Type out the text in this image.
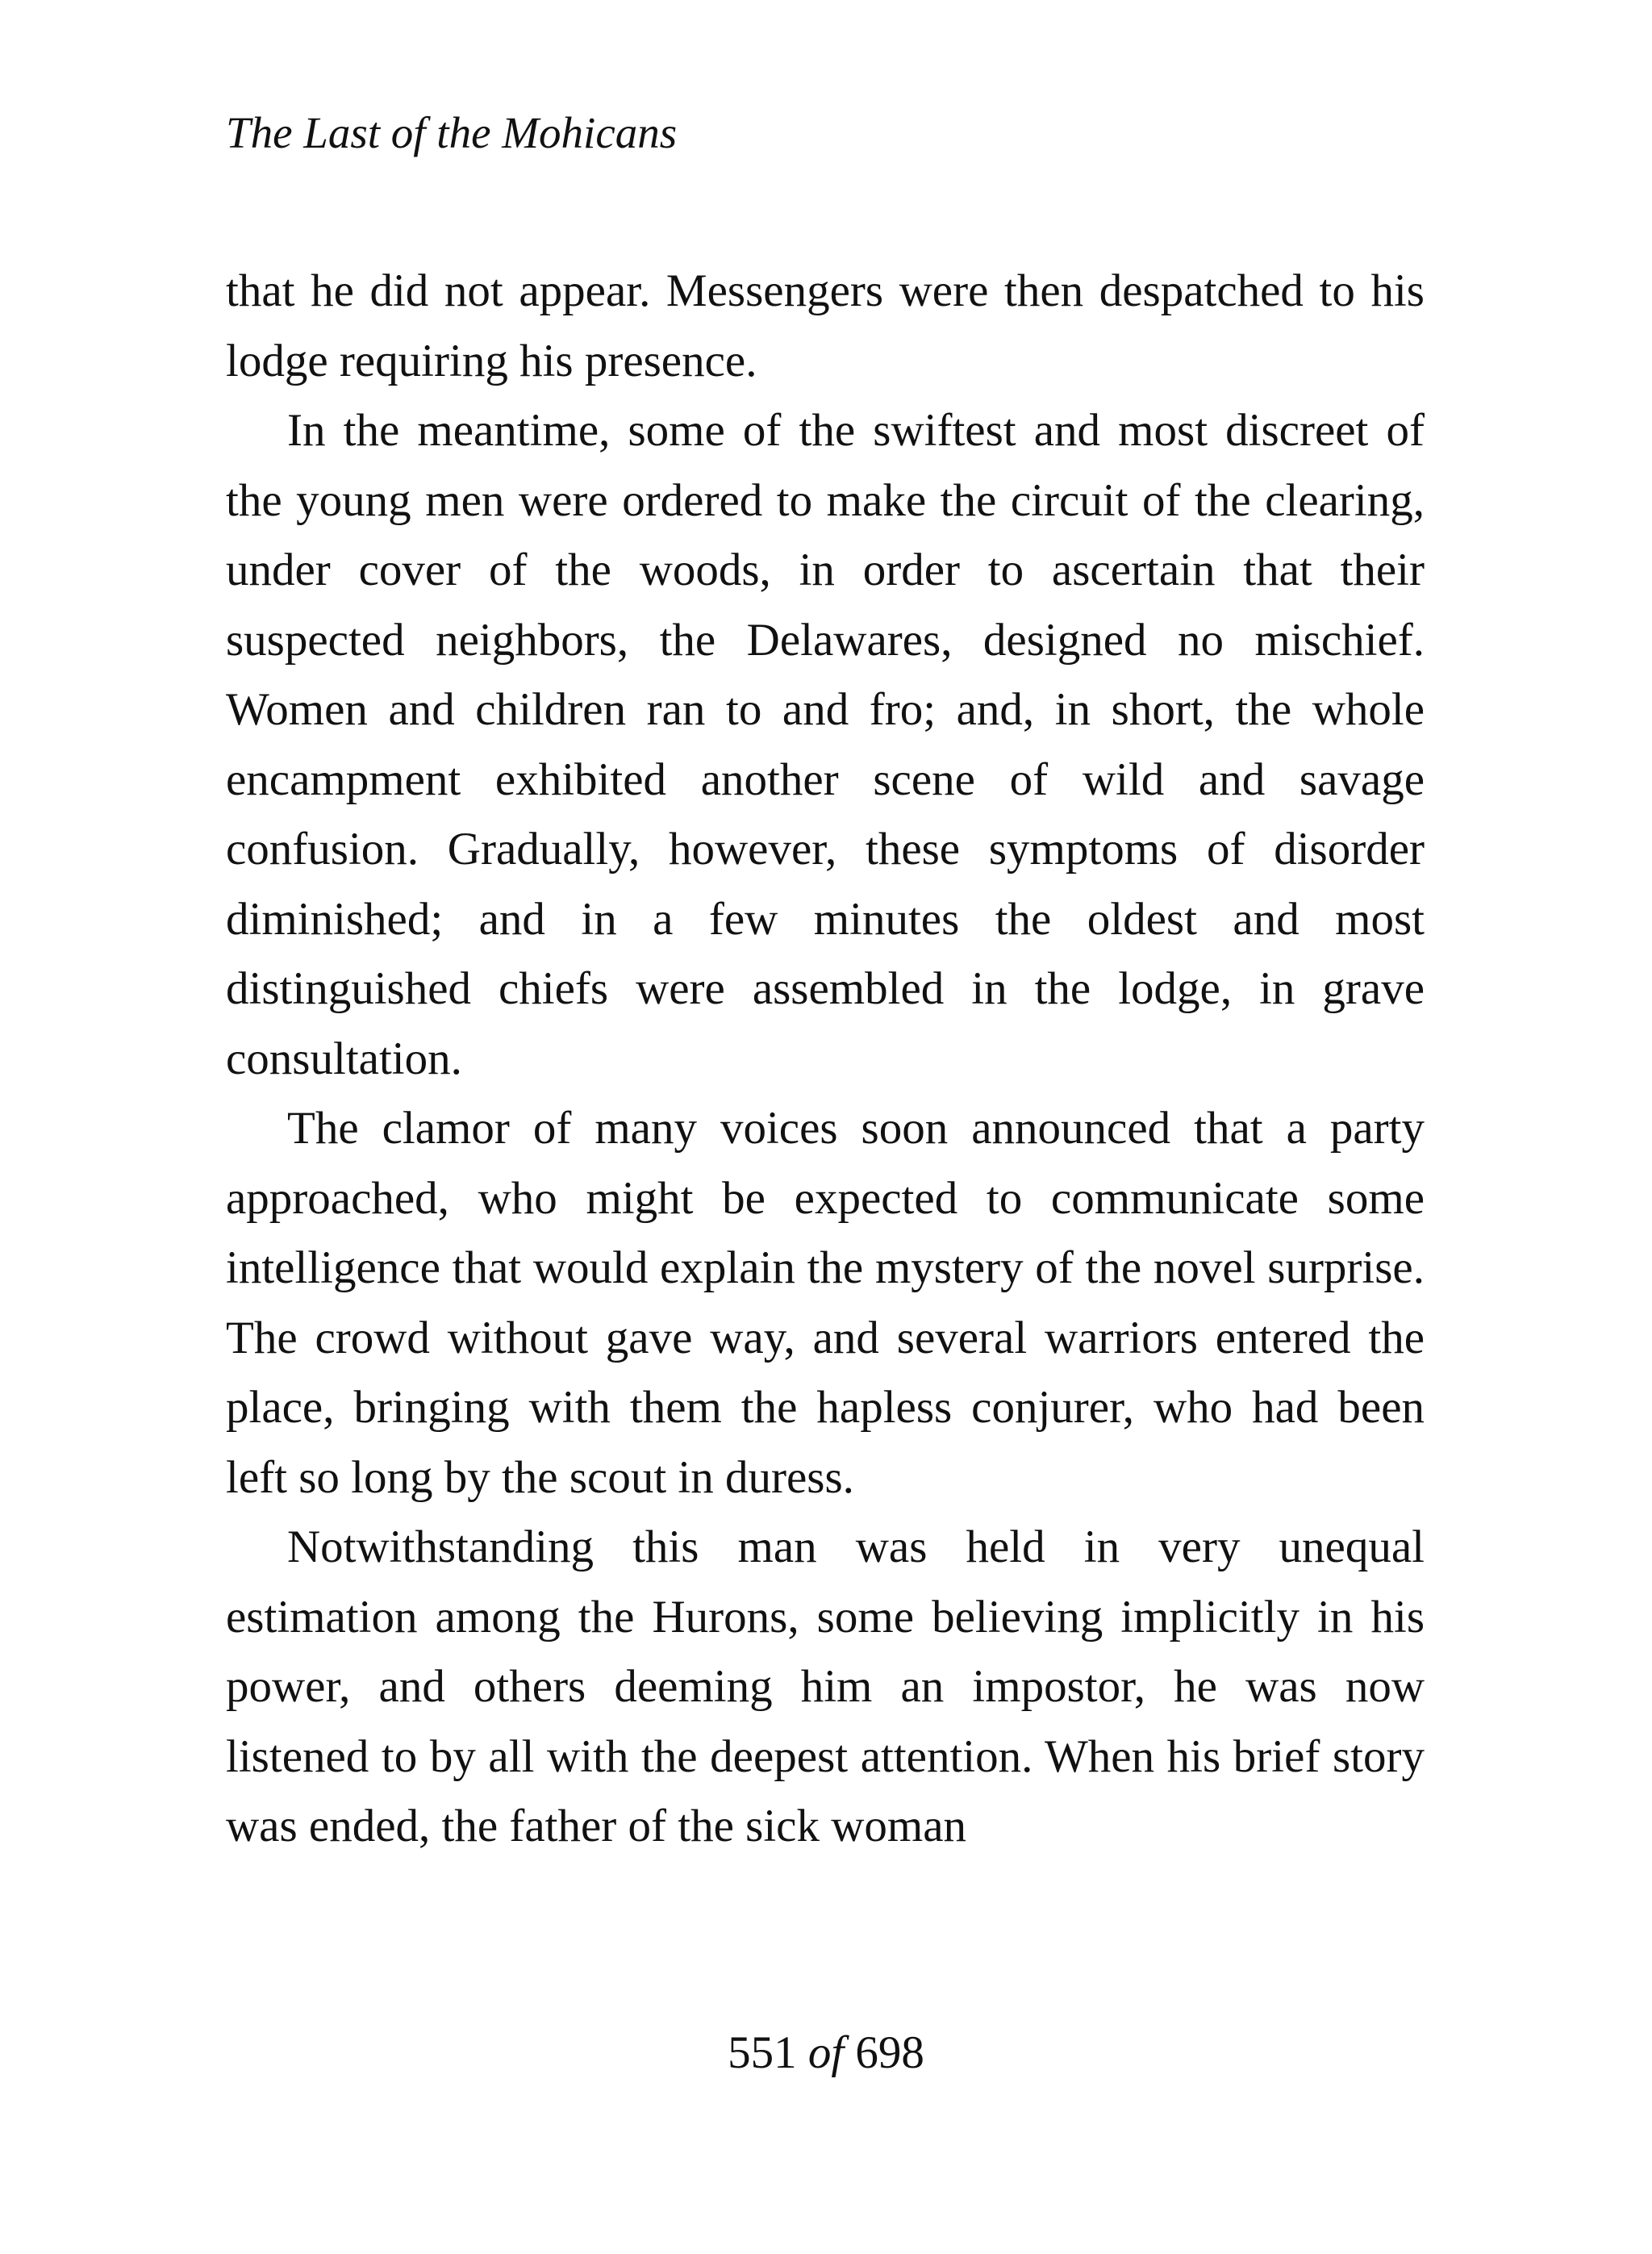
The Last of the Mohicans

that he did not appear. Messengers were then despatched to his lodge requiring his presence.

In the meantime, some of the swiftest and most discreet of the young men were ordered to make the circuit of the clearing, under cover of the woods, in order to ascertain that their suspected neighbors, the Delawares, designed no mischief. Women and children ran to and fro; and, in short, the whole encampment exhibited another scene of wild and savage confusion. Gradually, however, these symptoms of disorder diminished; and in a few minutes the oldest and most distinguished chiefs were assembled in the lodge, in grave consultation.

The clamor of many voices soon announced that a party approached, who might be expected to communicate some intelligence that would explain the mystery of the novel surprise. The crowd without gave way, and several warriors entered the place, bringing with them the hapless conjurer, who had been left so long by the scout in duress.

Notwithstanding this man was held in very unequal estimation among the Hurons, some believing implicitly in his power, and others deeming him an impostor, he was now listened to by all with the deepest attention. When his brief story was ended, the father of the sick woman

551 of 698
